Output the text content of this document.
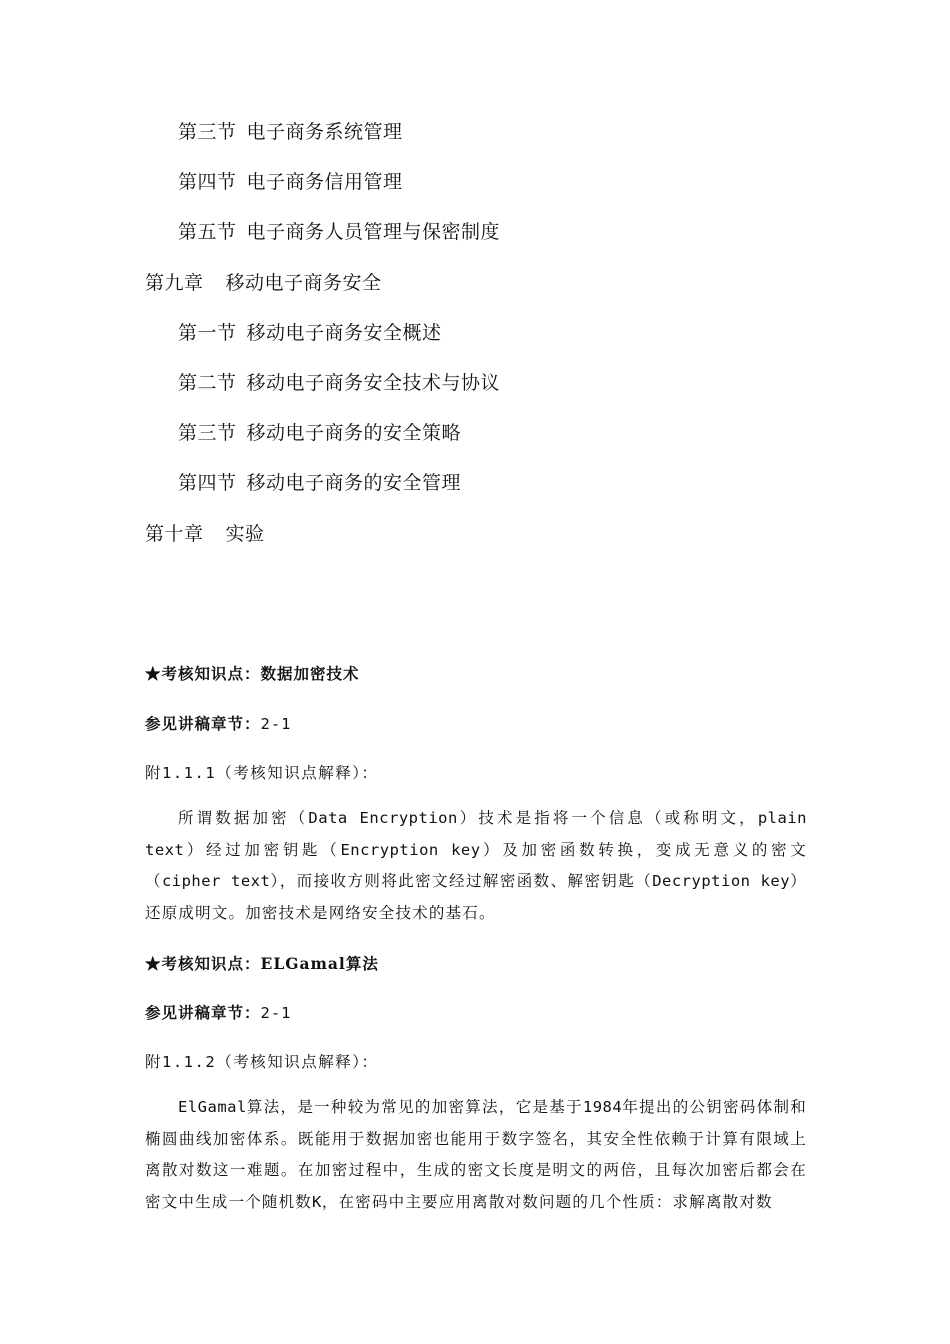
第三节 电子商务系统管理
第四节 电子商务信用管理
第五节 电子商务人员管理与保密制度
第九章 移动电子商务安全
第一节 移动电子商务安全概述
第二节 移动电子商务安全技术与协议
第三节 移动电子商务的安全策略
第四节 移动电子商务的安全管理
第十章 实验
★考核知识点：数据加密技术
参见讲稿章节：2-1
附1.1.1（考核知识点解释）：
所谓数据加密（Data Encryption）技术是指将一个信息（或称明文，plain text）经过加密钥匙（Encryption key）及加密函数转换，变成无意义的密文（cipher text），而接收方则将此密文经过解密函数、解密钥匙（Decryption key）还原成明文。加密技术是网络安全技术的基石。
★考核知识点：ELGamal算法
参见讲稿章节：2-1
附1.1.2（考核知识点解释）：
ElGamal算法，是一种较为常见的加密算法，它是基于1984年提出的公钥密码体制和椭圆曲线加密体系。既能用于数据加密也能用于数字签名，其安全性依赖于计算有限域上离散对数这一难题。在加密过程中，生成的密文长度是明文的两倍，且每次加密后都会在密文中生成一个随机数K，在密码中主要应用离散对数问题的几个性质：求解离散对数
